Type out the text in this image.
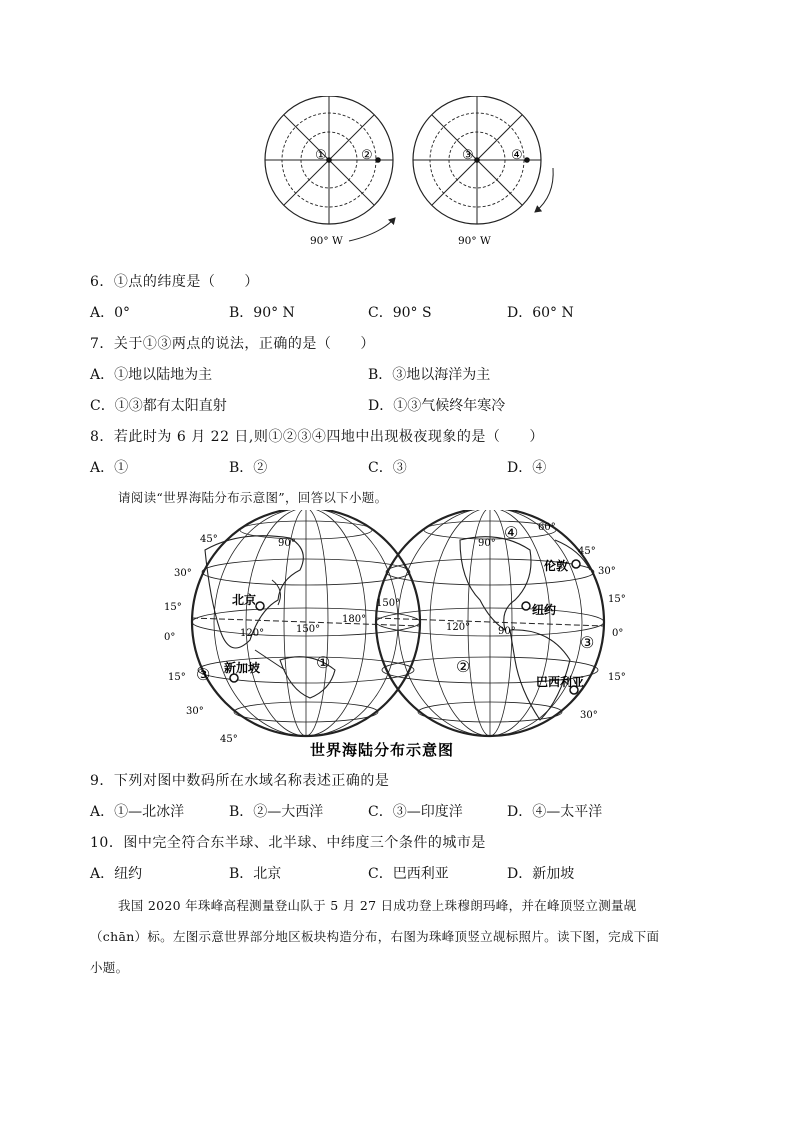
①	②
90° W
③	④
90° W
6．①点的纬度是（　　）
A．0°	B．90° N	C．90° S	D．60° N
7．关于①③两点的说法，正确的是（　　）
A．①地以陆地为主	B．③地以海洋为主
C．①③都有太阳直射	D．①③气候终年寒冷
8．若此时为 6 月 22 日,则①②③④四地中出现极夜现象的是（　　）
A．①	B．②	C．③	D．④
请阅读“世界海陆分布示意图”，回答以下小题。
北京
新加坡
纽约
伦敦
巴西利亚
①
③	②
③
④
45°
30°
15°
0°
15°
30°
45°
90°
150°
180°
150°
120°
60°
45°
30°
15°
0°
15°
30°
90°
120°	90°
世界海陆分布示意图
9．下列对图中数码所在水域名称表述正确的是
A．①—北冰洋	B．②—大西洋	C．③—印度洋	D．④—太平洋
10．图中完全符合东半球、北半球、中纬度三个条件的城市是
A．纽约	B．北京	C．巴西利亚	D．新加坡
我国 2020 年珠峰高程测量登山队于 5 月 27 日成功登上珠穆朗玛峰，并在峰顶竖立测量觇
（chān）标。左图示意世界部分地区板块构造分布，右图为珠峰顶竖立觇标照片。读下图，完成下面
小题。
